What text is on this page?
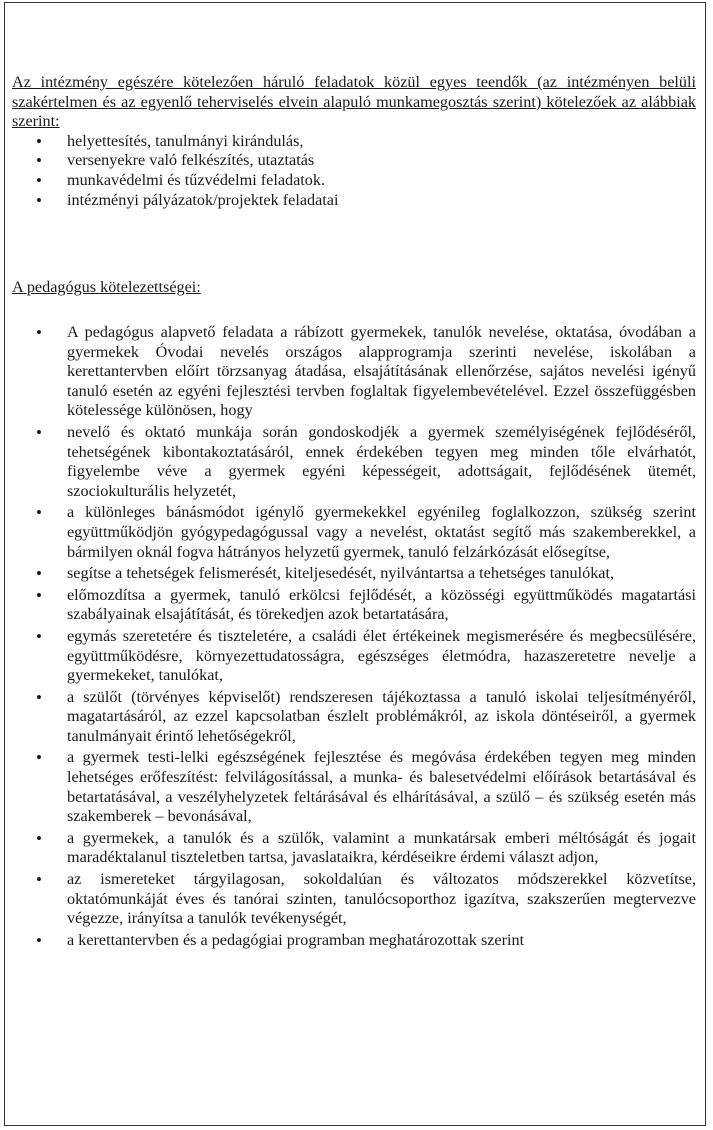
Az intézmény egészére kötelezően háruló feladatok közül egyes teendők (az intézményen belüli szakértelmen és az egyenlő teherviselés elvein alapuló munkamegosztás szerint) kötelezőek az alábbiak szerint:

• helyettesítés, tanulmányi kirándulás,
• versenyekre való felkészítés, utaztatás
• munkavédelmi és tűzvédelmi feladatok.
• intézményi pályázatok/projektek feladatai

A pedagógus kötelezettségei:

• A pedagógus alapvető feladata a rábízott gyermekek, tanulók nevelése, oktatása, óvodában a gyermekek Óvodai nevelés országos alapprogramja szerinti nevelése, iskolában a kerettantervben előírt törzsanyag átadása, elsajátításának ellenőrzése, sajátos nevelési igényű tanuló esetén az egyéni fejlesztési tervben foglaltak figyelembevételével. Ezzel összefüggésben kötelessége különösen, hogy
• nevelő és oktató munkája során gondoskodjék a gyermek személyiségének fejlődéséről, tehetségének kibontakoztatásáról, ennek érdekében tegyen meg minden tőle elvárhatót, figyelembe véve a gyermek egyéni képességeit, adottságait, fejlődésének ütemét, szociokulturális helyzetét,
• a különleges bánásmódot igénylő gyermekekkel egyénileg foglalkozzon, szükség szerint együttműködjön gyógypedagógussal vagy a nevelést, oktatást segítő más szakemberekkel, a bármilyen oknál fogva hátrányos helyzetű gyermek, tanuló felzárkózását elősegítse,
• segítse a tehetségek felismerését, kiteljesedését, nyilvántartsa a tehetséges tanulókat,
• előmozdítsa a gyermek, tanuló erkölcsi fejlődését, a közösségi együttműködés magatartási szabályainak elsajátítását, és törekedjen azok betartatására,
• egymás szeretetére és tiszteletére, a családi élet értékeinek megismerésére és megbecsülésére, együttműködésre, környezettudatosságra, egészséges életmódra, hazaszeretetre nevelje a gyermekeket, tanulókat,
• a szülőt (törvényes képviselőt) rendszeresen tájékoztassa a tanuló iskolai teljesítményéről, magatartásáról, az ezzel kapcsolatban észlelt problémákról, az iskola döntéseiről, a gyermek tanulmányait érintő lehetőségekről,
• a gyermek testi-lelki egészségének fejlesztése és megóvása érdekében tegyen meg minden lehetséges erőfeszítést: felvilágosítással, a munka- és balesetvédelmi előírások betartásával és betartatásával, a veszélyhelyzetek feltárásával és elhárításával, a szülő – és szükség esetén más szakemberek – bevonásával,
• a gyermekek, a tanulók és a szülők, valamint a munkatársak emberi méltóságát és jogait maradéktalanul tiszteletben tartsa, javaslataikra, kérdéseikre érdemi választ adjon,
• az ismereteket tárgyilagosan, sokoldalúan és változatos módszerekkel közvetítse, oktatómunkáját éves és tanórai szinten, tanulócsoporthoz igazítva, szakszerűen megtervezve végezze, irányítsa a tanulók tevékenységét,
• a kerettantervben és a pedagógiai programban meghatározottak szerint
